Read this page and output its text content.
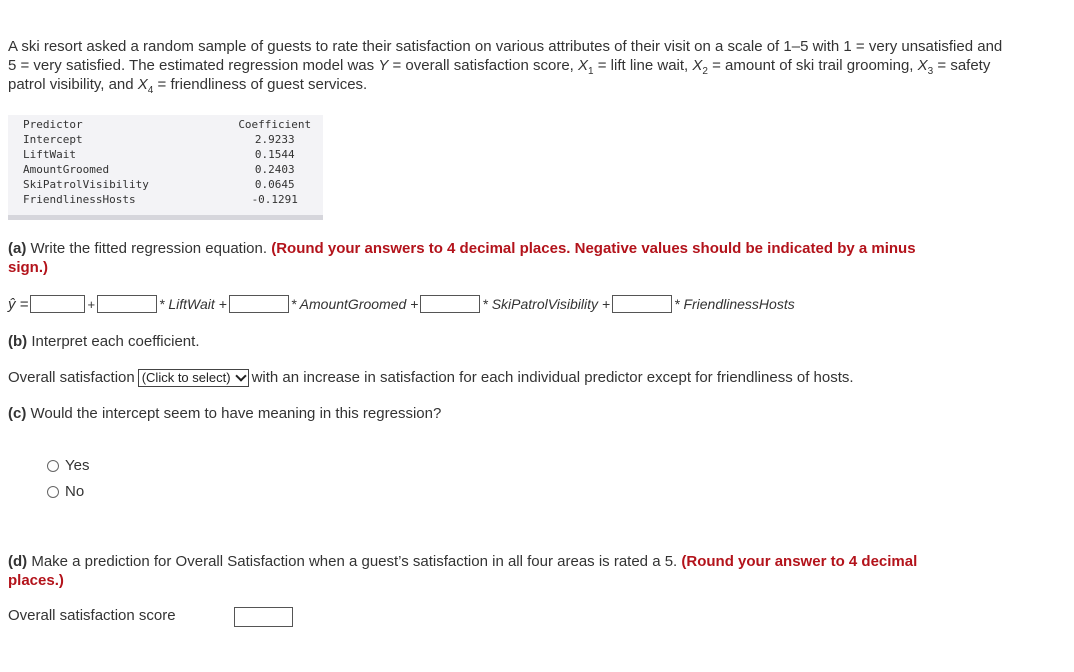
A ski resort asked a random sample of guests to rate their satisfaction on various attributes of their visit on a scale of 1–5 with 1 = very unsatisfied and 5 = very satisfied. The estimated regression model was Y = overall satisfaction score, $X_1$ = lift line wait, $X_2$ = amount of ski trail grooming, $X_3$ = safety patrol visibility, and $X_4$ = friendliness of guest services.
Predictor	Coefficient
Intercept	2.9233
LiftWait	0.1544
AmountGroomed	0.2403
SkiPatrolVisibility	0.0645
FriendlinessHosts	-0.1291
(a) Write the fitted regression equation. (Round your answers to 4 decimal places. Negative values should be indicated by a minus sign.)
ŷ =	+	* LiftWait +	* AmountGroomed +	* SkiPatrolVisibility +	* FriendlinessHosts
(b) Interpret each coefficient.
Overall satisfaction (Click to select) with an increase in satisfaction for each individual predictor except for friendliness of hosts.
(c) Would the intercept seem to have meaning in this regression?
Yes
No
(d) Make a prediction for Overall Satisfaction when a guest’s satisfaction in all four areas is rated a 5. (Round your answer to 4 decimal places.)
Overall satisfaction score
